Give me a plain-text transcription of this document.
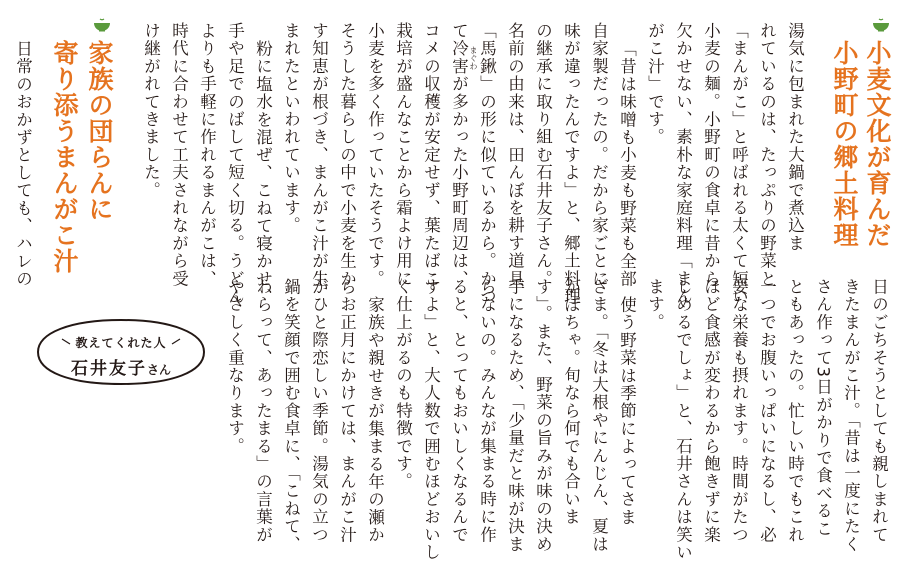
小麦文化が育んだ
小野町の郷土料理
湯気に包まれた大鍋で煮込ま
れているのは、たっぷりの野菜と
「まんがこ」と呼ばれる太くて短い
小麦の麺。小野町の食卓に昔から
欠かせない、素朴な家庭料理「まん
がこ汁」です。
「昔は味噌も小麦も野菜も全部
自家製だったの。だから家ごとに
味が違ったんですよ」と、郷土料理
の継承に取り組む石井友子さん。
名前の由来は、田んぼを耕す道具
「馬鍬」の形に似ているから。かつ
まぐわ
て冷害が多かった小野町周辺は、
コメの収穫が安定せず、葉たばこ
栽培が盛んなことから霜よけ用に
小麦を多く作っていたそうです。
そうした暮らしの中で小麦を生か
す知恵が根づき、まんがこ汁が生
まれたといわれています。
粉に塩水を混ぜ、こねて寝かせ、
手や足でのばして短く切る。うどん
よりも手軽に作れるまんがこは、
時代に合わせて工夫されながら受
け継がれてきました。
家族の団らんに
寄り添うまんがこ汁
日常のおかずとしても、ハレの
日のごちそうとしても親しまれて
きたまんがこ汁。「昔は一度にたく
さん作って3日がかりで食べるこ
ともあったの。忙しい時でもこれ
一つでお腹いっぱいになるし、必
要な栄養も摂れます。時間がたつ
ほど食感が変わるから飽きずに楽
しめるでしょ」と、石井さんは笑い
ます。
使う野菜は季節によってさま
ざま。「冬は大根やにんじん、夏は
かぼちゃ。旬なら何でも合いま
す」。また、野菜の旨みが味の決め
手になるため、「少量だと味が決ま
らないの。みんなが集まる時に作
ると、とってもおいしくなるんで
すよ」と、大人数で囲むほどおいし
く仕上がるのも特徴です。
家族や親せきが集まる年の瀬か
らお正月にかけては、まんがこ汁
がひと際恋しい季節。湯気の立つ
鍋を笑顔で囲む食卓に、「こねて、
わらって、あったまる」の言葉が
やさしく重なります。
教えてくれた人
石井友子さん
